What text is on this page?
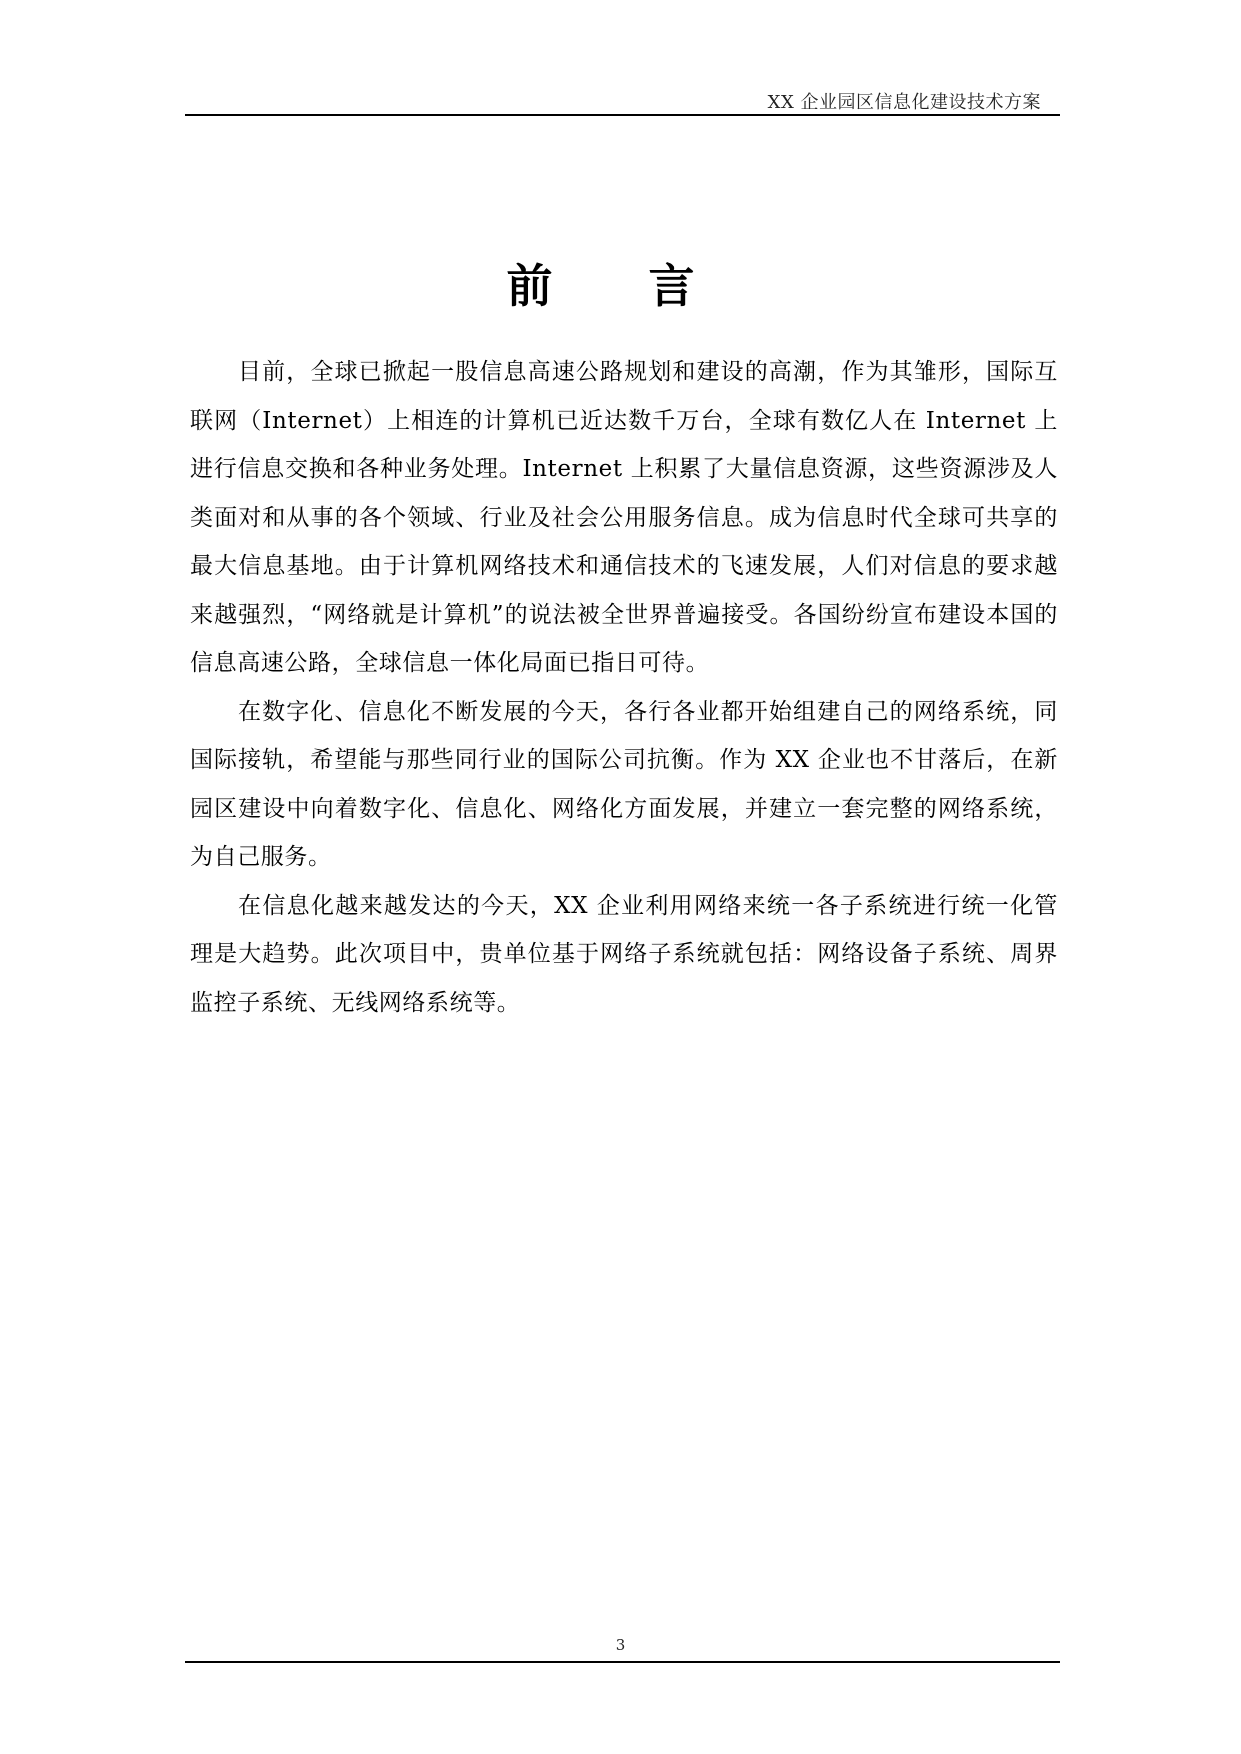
XX 企业园区信息化建设技术方案
前 言

目前，全球已掀起一股信息高速公路规划和建设的高潮，作为其雏形，国际互联网（Internet）上相连的计算机已近达数千万台，全球有数亿人在 Internet 上进行信息交换和各种业务处理。Internet 上积累了大量信息资源，这些资源涉及人类面对和从事的各个领域、行业及社会公用服务信息。成为信息时代全球可共享的最大信息基地。由于计算机网络技术和通信技术的飞速发展，人们对信息的要求越来越强烈，“网络就是计算机”的说法被全世界普遍接受。各国纷纷宣布建设本国的信息高速公路，全球信息一体化局面已指日可待。

在数字化、信息化不断发展的今天，各行各业都开始组建自己的网络系统，同国际接轨，希望能与那些同行业的国际公司抗衡。作为 XX 企业也不甘落后，在新园区建设中向着数字化、信息化、网络化方面发展，并建立一套完整的网络系统，为自己服务。

在信息化越来越发达的今天，XX 企业利用网络来统一各子系统进行统一化管理是大趋势。此次项目中，贵单位基于网络子系统就包括：网络设备子系统、周界监控子系统、无线网络系统等。

3
